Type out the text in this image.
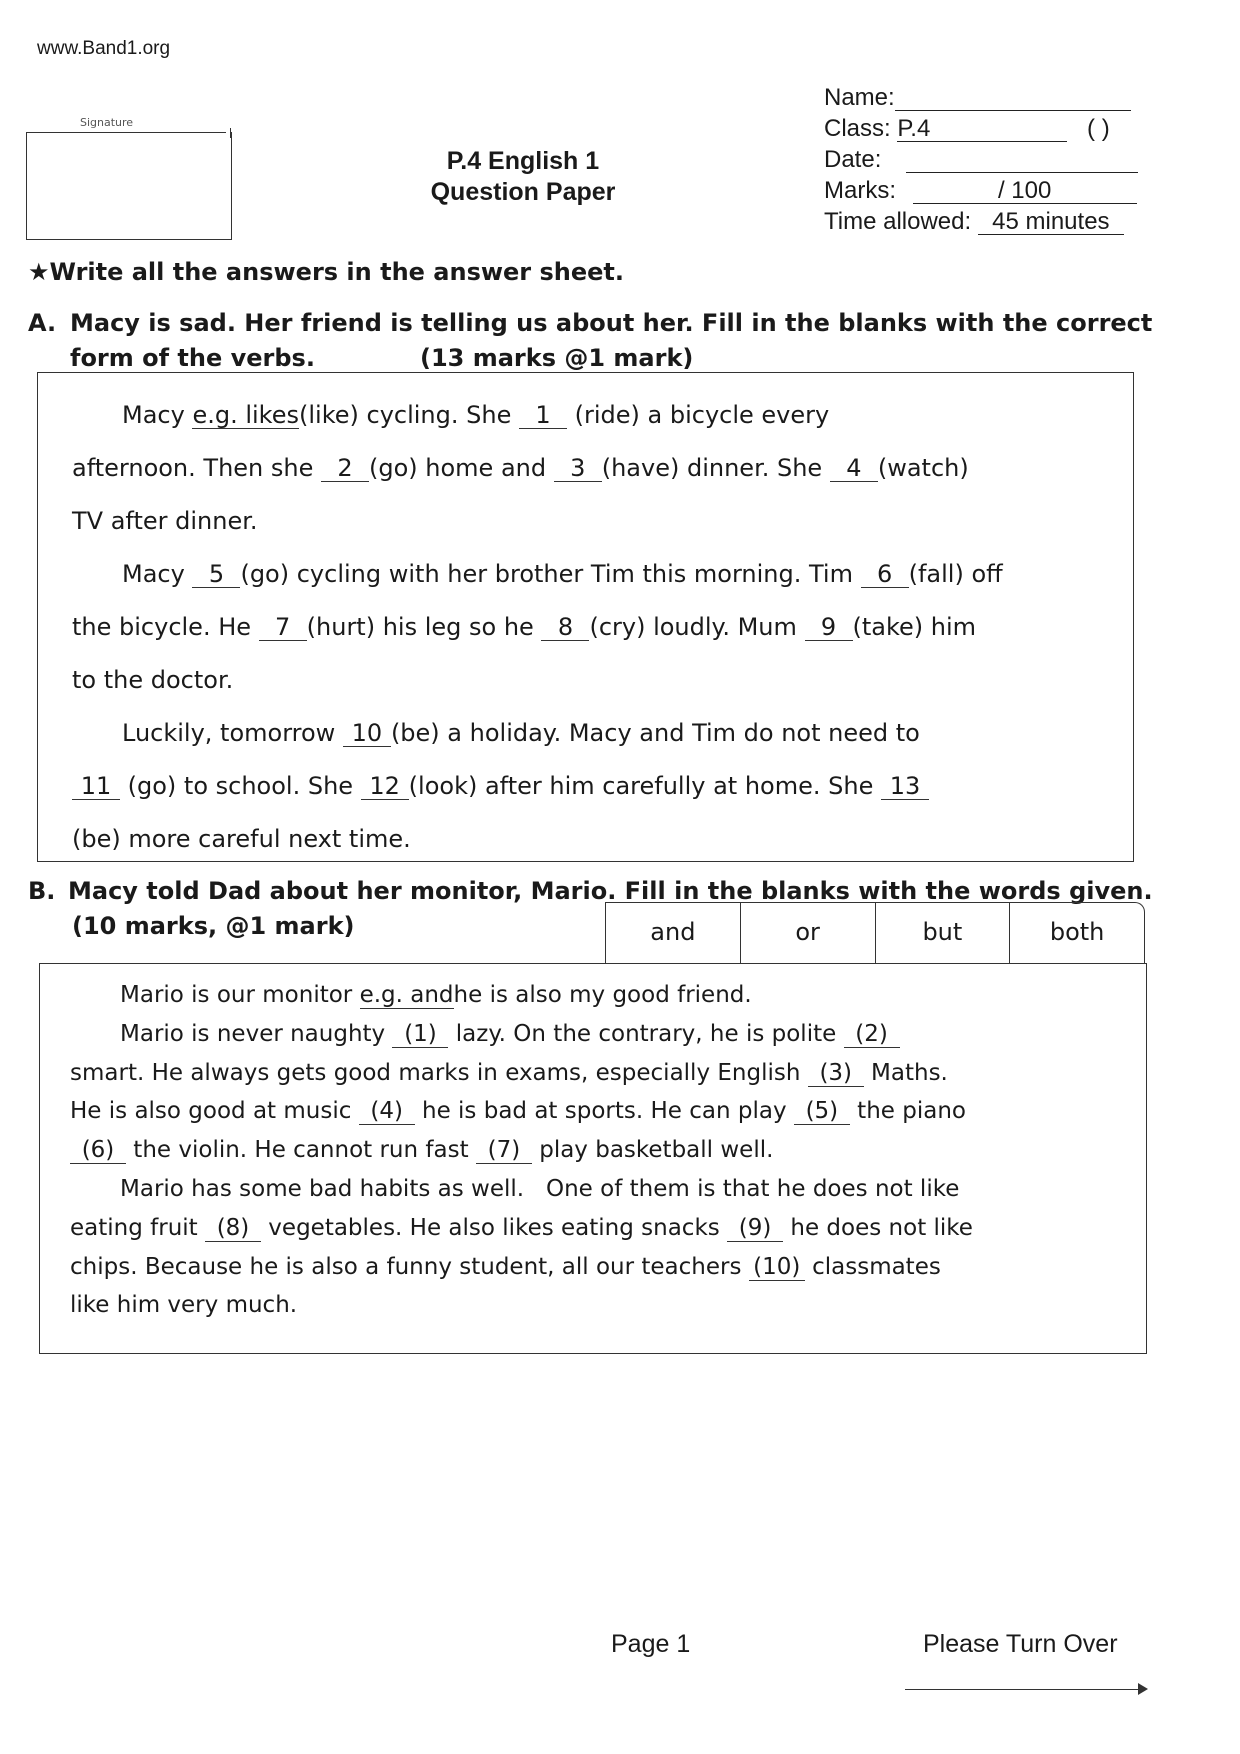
www.Band1.org
Signature
P.4 English 1
Question Paper
Name:
Class: P.4	( )
Date:
Marks:	/ 100
Time allowed: 45 minutes
★Write all the answers in the answer sheet.
A. Macy is sad. Her friend is telling us about her. Fill in the blanks with the correct
form of the verbs.	(13 marks @1 mark)

Macy e.g. likes(like) cycling. She 1 (ride) a bicycle every

afternoon. Then she 2 (go) home and 3 (have) dinner. She 4 (watch)

TV after dinner.

Macy 5 (go) cycling with her brother Tim this morning. Tim 6 (fall) off

the bicycle. He 7 (hurt) his leg so he 8 (cry) loudly. Mum 9 (take) him

to the doctor.

Luckily, tomorrow 10 (be) a holiday. Macy and Tim do not need to

11 (go) to school. She 12 (look) after him carefully at home. She 13

(be) more careful next time.

B. Macy told Dad about her monitor, Mario. Fill in the blanks with the words given.
(10 marks, @1 mark)	and	or	but	both

Mario is our monitor e.g. andhe is also my good friend.

Mario is never naughty (1) lazy. On the contrary, he is polite (2)

smart. He always gets good marks in exams, especially English (3) Maths.

He is also good at music (4) he is bad at sports. He can play (5) the piano

(6) the violin. He cannot run fast (7) play basketball well.

Mario has some bad habits as well.   One of them is that he does not like

eating fruit (8) vegetables. He also likes eating snacks (9) he does not like

chips. Because he is also a funny student, all our teachers (10) classmates

like him very much.

Page 1	Please Turn Over
